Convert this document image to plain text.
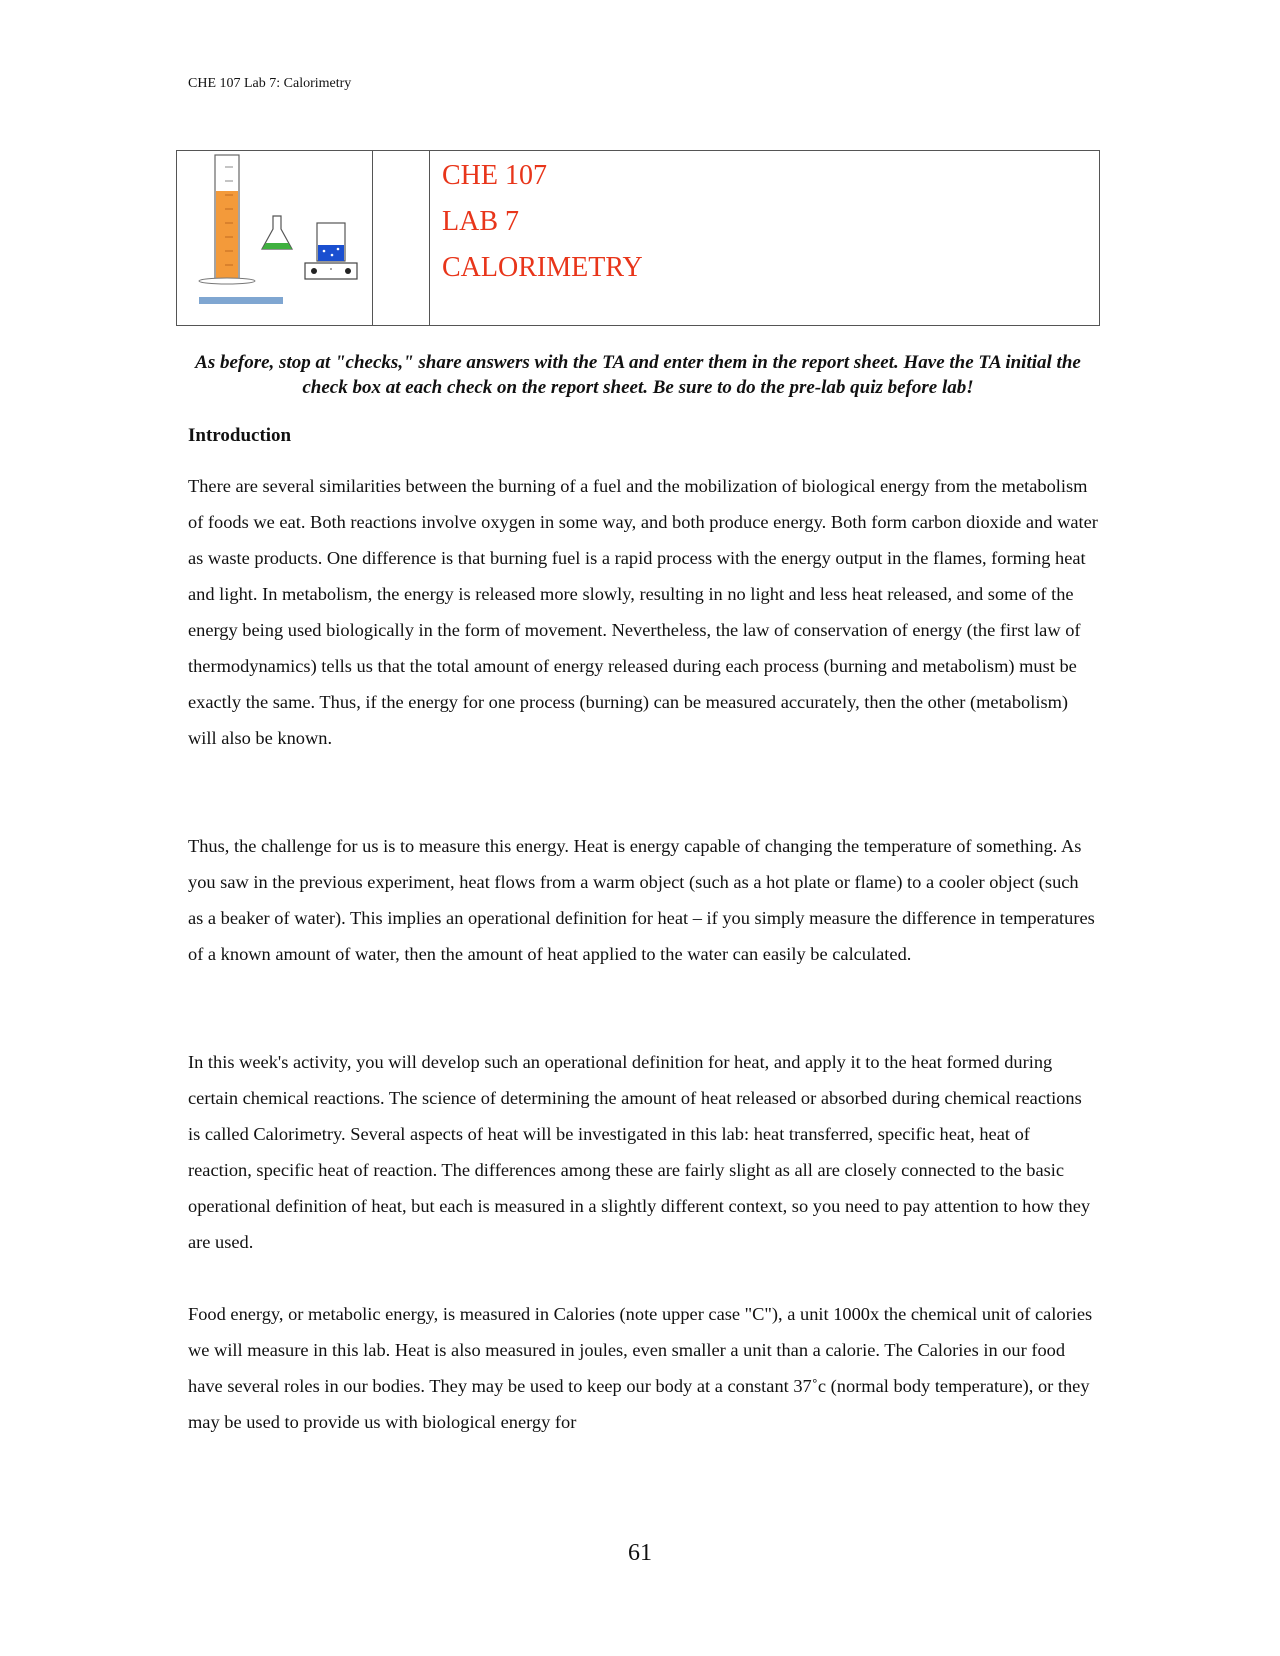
CHE 107 Lab 7: Calorimetry
CHE 107
LAB 7
CALORIMETRY
As before, stop at "checks," share answers with the TA and enter them in the report sheet. Have the TA initial the check box at each check on the report sheet. Be sure to do the pre-lab quiz before lab!
Introduction

There are several similarities between the burning of a fuel and the mobilization of biological energy from the metabolism of foods we eat. Both reactions involve oxygen in some way, and both produce energy. Both form carbon dioxide and water as waste products. One difference is that burning fuel is a rapid process with the energy output in the flames, forming heat and light. In metabolism, the energy is released more slowly, resulting in no light and less heat released, and some of the energy being used biologically in the form of movement. Nevertheless, the law of conservation of energy (the first law of thermodynamics) tells us that the total amount of energy released during each process (burning and metabolism) must be exactly the same. Thus, if the energy for one process (burning) can be measured accurately, then the other (metabolism) will also be known.

Thus, the challenge for us is to measure this energy. Heat is energy capable of changing the temperature of something. As you saw in the previous experiment, heat flows from a warm object (such as a hot plate or flame) to a cooler object (such as a beaker of water). This implies an operational definition for heat – if you simply measure the difference in temperatures of a known amount of water, then the amount of heat applied to the water can easily be calculated.

In this week's activity, you will develop such an operational definition for heat, and apply it to the heat formed during certain chemical reactions. The science of determining the amount of heat released or absorbed during chemical reactions is called Calorimetry. Several aspects of heat will be investigated in this lab: heat transferred, specific heat, heat of reaction, specific heat of reaction. The differences among these are fairly slight as all are closely connected to the basic operational definition of heat, but each is measured in a slightly different context, so you need to pay attention to how they are used.

Food energy, or metabolic energy, is measured in Calories (note upper case "C"), a unit 1000x the chemical unit of calories we will measure in this lab. Heat is also measured in joules, even smaller a unit than a calorie. The Calories in our food have several roles in our bodies. They may be used to keep our body at a constant 37˚c (normal body temperature), or they may be used to provide us with biological energy for

61
